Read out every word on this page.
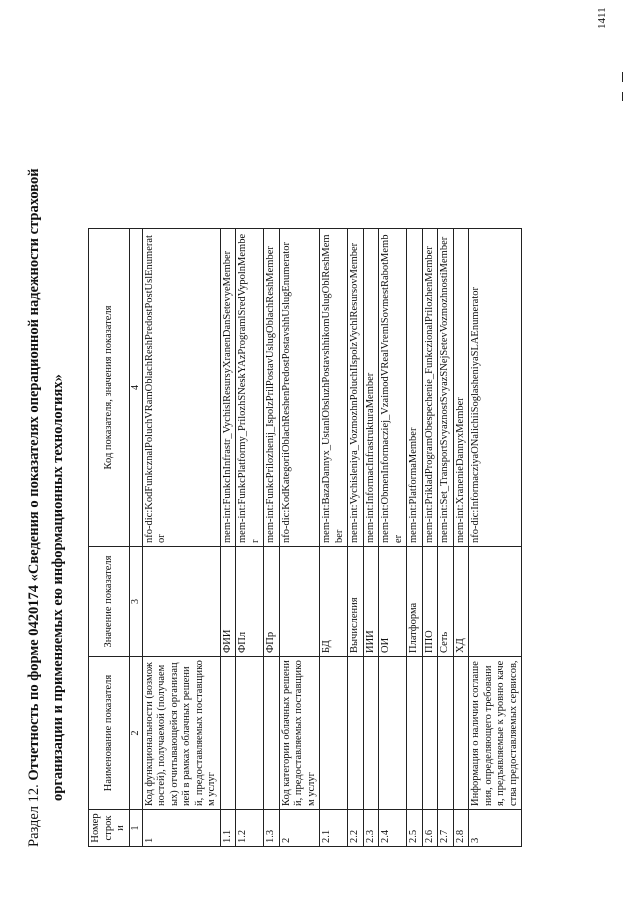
Раздел 12. Отчетность по форме 0420174 «Сведения о показателях операционной надежности страховой организации и применяемых ею информационных технологиях»
Номер строки	Наименование показателя	Значение показателя	Код показателя, значения показателя
1	2	3	4
1	Код функциональности (возможностей), получаемой (получаемых) отчитывающейся организацией в рамках облачных решений, предоставляемых поставщиком услуг		nfo-dic:KodFunkcznalPoluchVRamOblachReshPredostPostUslEnumerator
1.1		ФИИ	mem-int:FunkcInInfrastr_VychislResursyXranenDanSetevyeMember
1.2		ФПл	mem-int:FunkcPlatformy_PrilozhSNeskYAzProgramlSredVypolnMember
1.3		ФПр	mem-int:FunkcPrilozhenij_IspolzPrilPostavUslugOblachReshMember
2	Код категории облачных решений, предоставляемых поставщиком услуг		nfo-dic:KodKategoriiOblachReshenPredostPostavshhUslugEnumerator
2.1		БД	mem-int:BazaDannyx_UstanlObsluzhPostavshhikomUslugOblReshMember
2.2		Вычисления	mem-int:Vychisleniya_VozmozhnPoluchIIspolzVychlResursovMember
2.3		ИИИ	mem-int:InformacInfrastrukturaMember
2.4		ОИ	mem-int:ObmenInformacziej_VzaimodVRealVremlSovmestRabotMember
2.5		Платформа	mem-int:PlatformaMember
2.6		ППО	mem-int:PrikladProgramObespechenie_FunkczionalPrilozhenMember
2.7		Сеть	mem-int:Set_TransportSvyaznostSvyazSNejSetevVozmozhnostiMember
2.8		ХД	mem-int:XranenieDannyxMember
3	Информация о наличии соглашения, определяющего требования, предъявляемые к уровню качества предоставляемых сервисов,		nfo-dic:InformacziyaONalichiiSoglasheniyaSLAEnumerator
1411
